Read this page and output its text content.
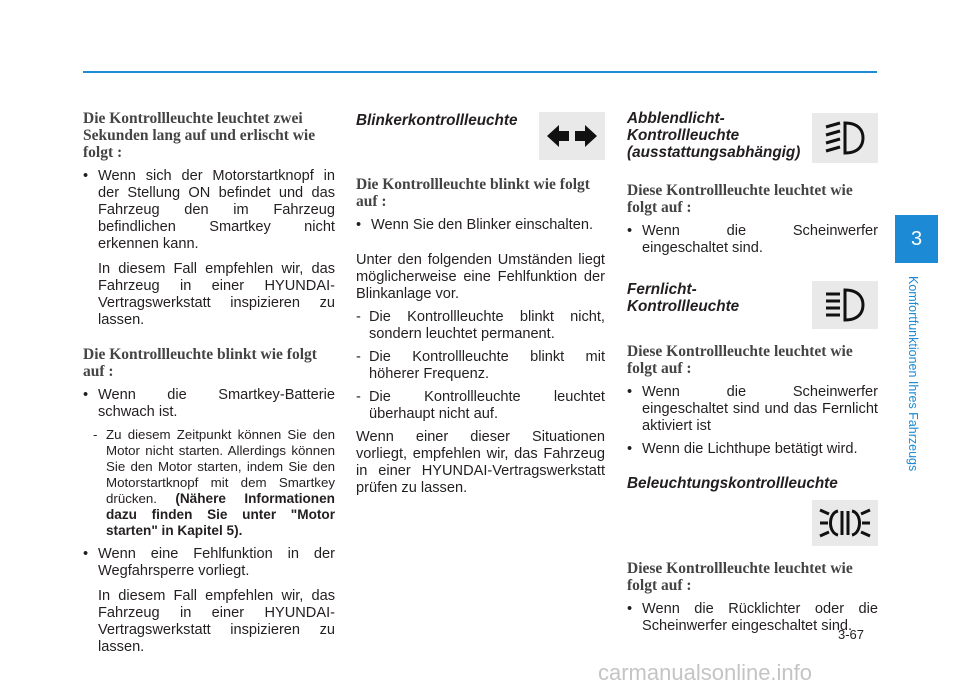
Die Kontrollleuchte leuchtet zwei Sekunden lang auf und erlischt wie folgt :

• Wenn sich der Motorstartknopf in der Stellung ON befindet und das Fahrzeug den im Fahrzeug befindlichen Smartkey nicht erkennen kann.

In diesem Fall empfehlen wir, das Fahrzeug in einer HYUNDAI-Vertragswerkstatt inspizieren zu lassen.

Die Kontrollleuchte blinkt wie folgt auf :

• Wenn die Smartkey-Batterie schwach ist.

- Zu diesem Zeitpunkt können Sie den Motor nicht starten. Allerdings können Sie den Motor starten, indem Sie den Motorstartknopf mit dem Smartkey drücken. (Nähere Informationen dazu finden Sie unter "Motor starten" in Kapitel 5).

• Wenn eine Fehlfunktion in der Wegfahrsperre vorliegt.

In diesem Fall empfehlen wir, das Fahrzeug in einer HYUNDAI-Vertragswerkstatt inspizieren zu lassen.

Blinkerkontrollleuchte

Die Kontrollleuchte blinkt wie folgt auf :

• Wenn Sie den Blinker einschalten.

Unter den folgenden Umständen liegt möglicherweise eine Fehlfunktion der Blinkanlage vor.

- Die Kontrollleuchte blinkt nicht, sondern leuchtet permanent.

- Die Kontrollleuchte blinkt mit höherer Frequenz.

- Die Kontrollleuchte leuchtet überhaupt nicht auf.

Wenn einer dieser Situationen vorliegt, empfehlen wir, das Fahrzeug in einer HYUNDAI-Vertragswerkstatt prüfen zu lassen.

Abblendlicht-

Kontrollleuchte

(ausstattungsabhängig)

Diese Kontrollleuchte leuchtet wie folgt auf :

• Wenn die Scheinwerfer eingeschaltet sind.

Fernlicht-

Kontrollleuchte

Diese Kontrollleuchte leuchtet wie folgt auf :

• Wenn die Scheinwerfer eingeschaltet sind und das Fernlicht aktiviert ist

• Wenn die Lichthupe betätigt wird.

Beleuchtungskontrollleuchte

Diese Kontrollleuchte leuchtet wie folgt auf :

• Wenn die Rücklichter oder die Scheinwerfer eingeschaltet sind.

3
Komfortfunktionen Ihres Fahrzeugs
3-67
carmanualsonline.info
